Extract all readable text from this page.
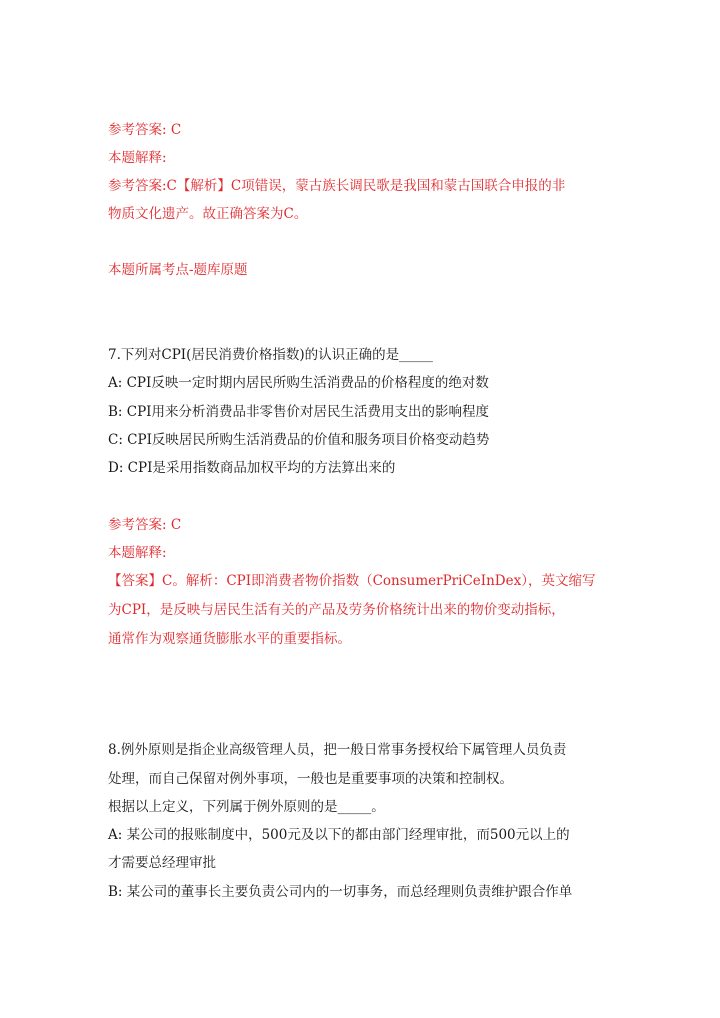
参考答案: C
本题解释:
参考答案:C【解析】C项错误，蒙古族长调民歌是我国和蒙古国联合申报的非
物质文化遗产。故正确答案为C。
本题所属考点-题库原题
7.下列对CPI(居民消费价格指数)的认识正确的是_____
A: CPI反映一定时期内居民所购生活消费品的价格程度的绝对数
B: CPI用来分析消费品非零售价对居民生活费用支出的影响程度
C: CPI反映居民所购生活消费品的价值和服务项目价格变动趋势
D: CPI是采用指数商品加权平均的方法算出来的
参考答案: C
本题解释:
【答案】C。解析：CPI即消费者物价指数（ConsumerPriCeInDex），英文缩写
为CPI，是反映与居民生活有关的产品及劳务价格统计出来的物价变动指标，
通常作为观察通货膨胀水平的重要指标。
8.例外原则是指企业高级管理人员，把一般日常事务授权给下属管理人员负责
处理，而自己保留对例外事项，一般也是重要事项的决策和控制权。
根据以上定义，下列属于例外原则的是_____。
A: 某公司的报账制度中，500元及以下的都由部门经理审批，而500元以上的
才需要总经理审批
B: 某公司的董事长主要负责公司内的一切事务，而总经理则负责维护跟合作单
